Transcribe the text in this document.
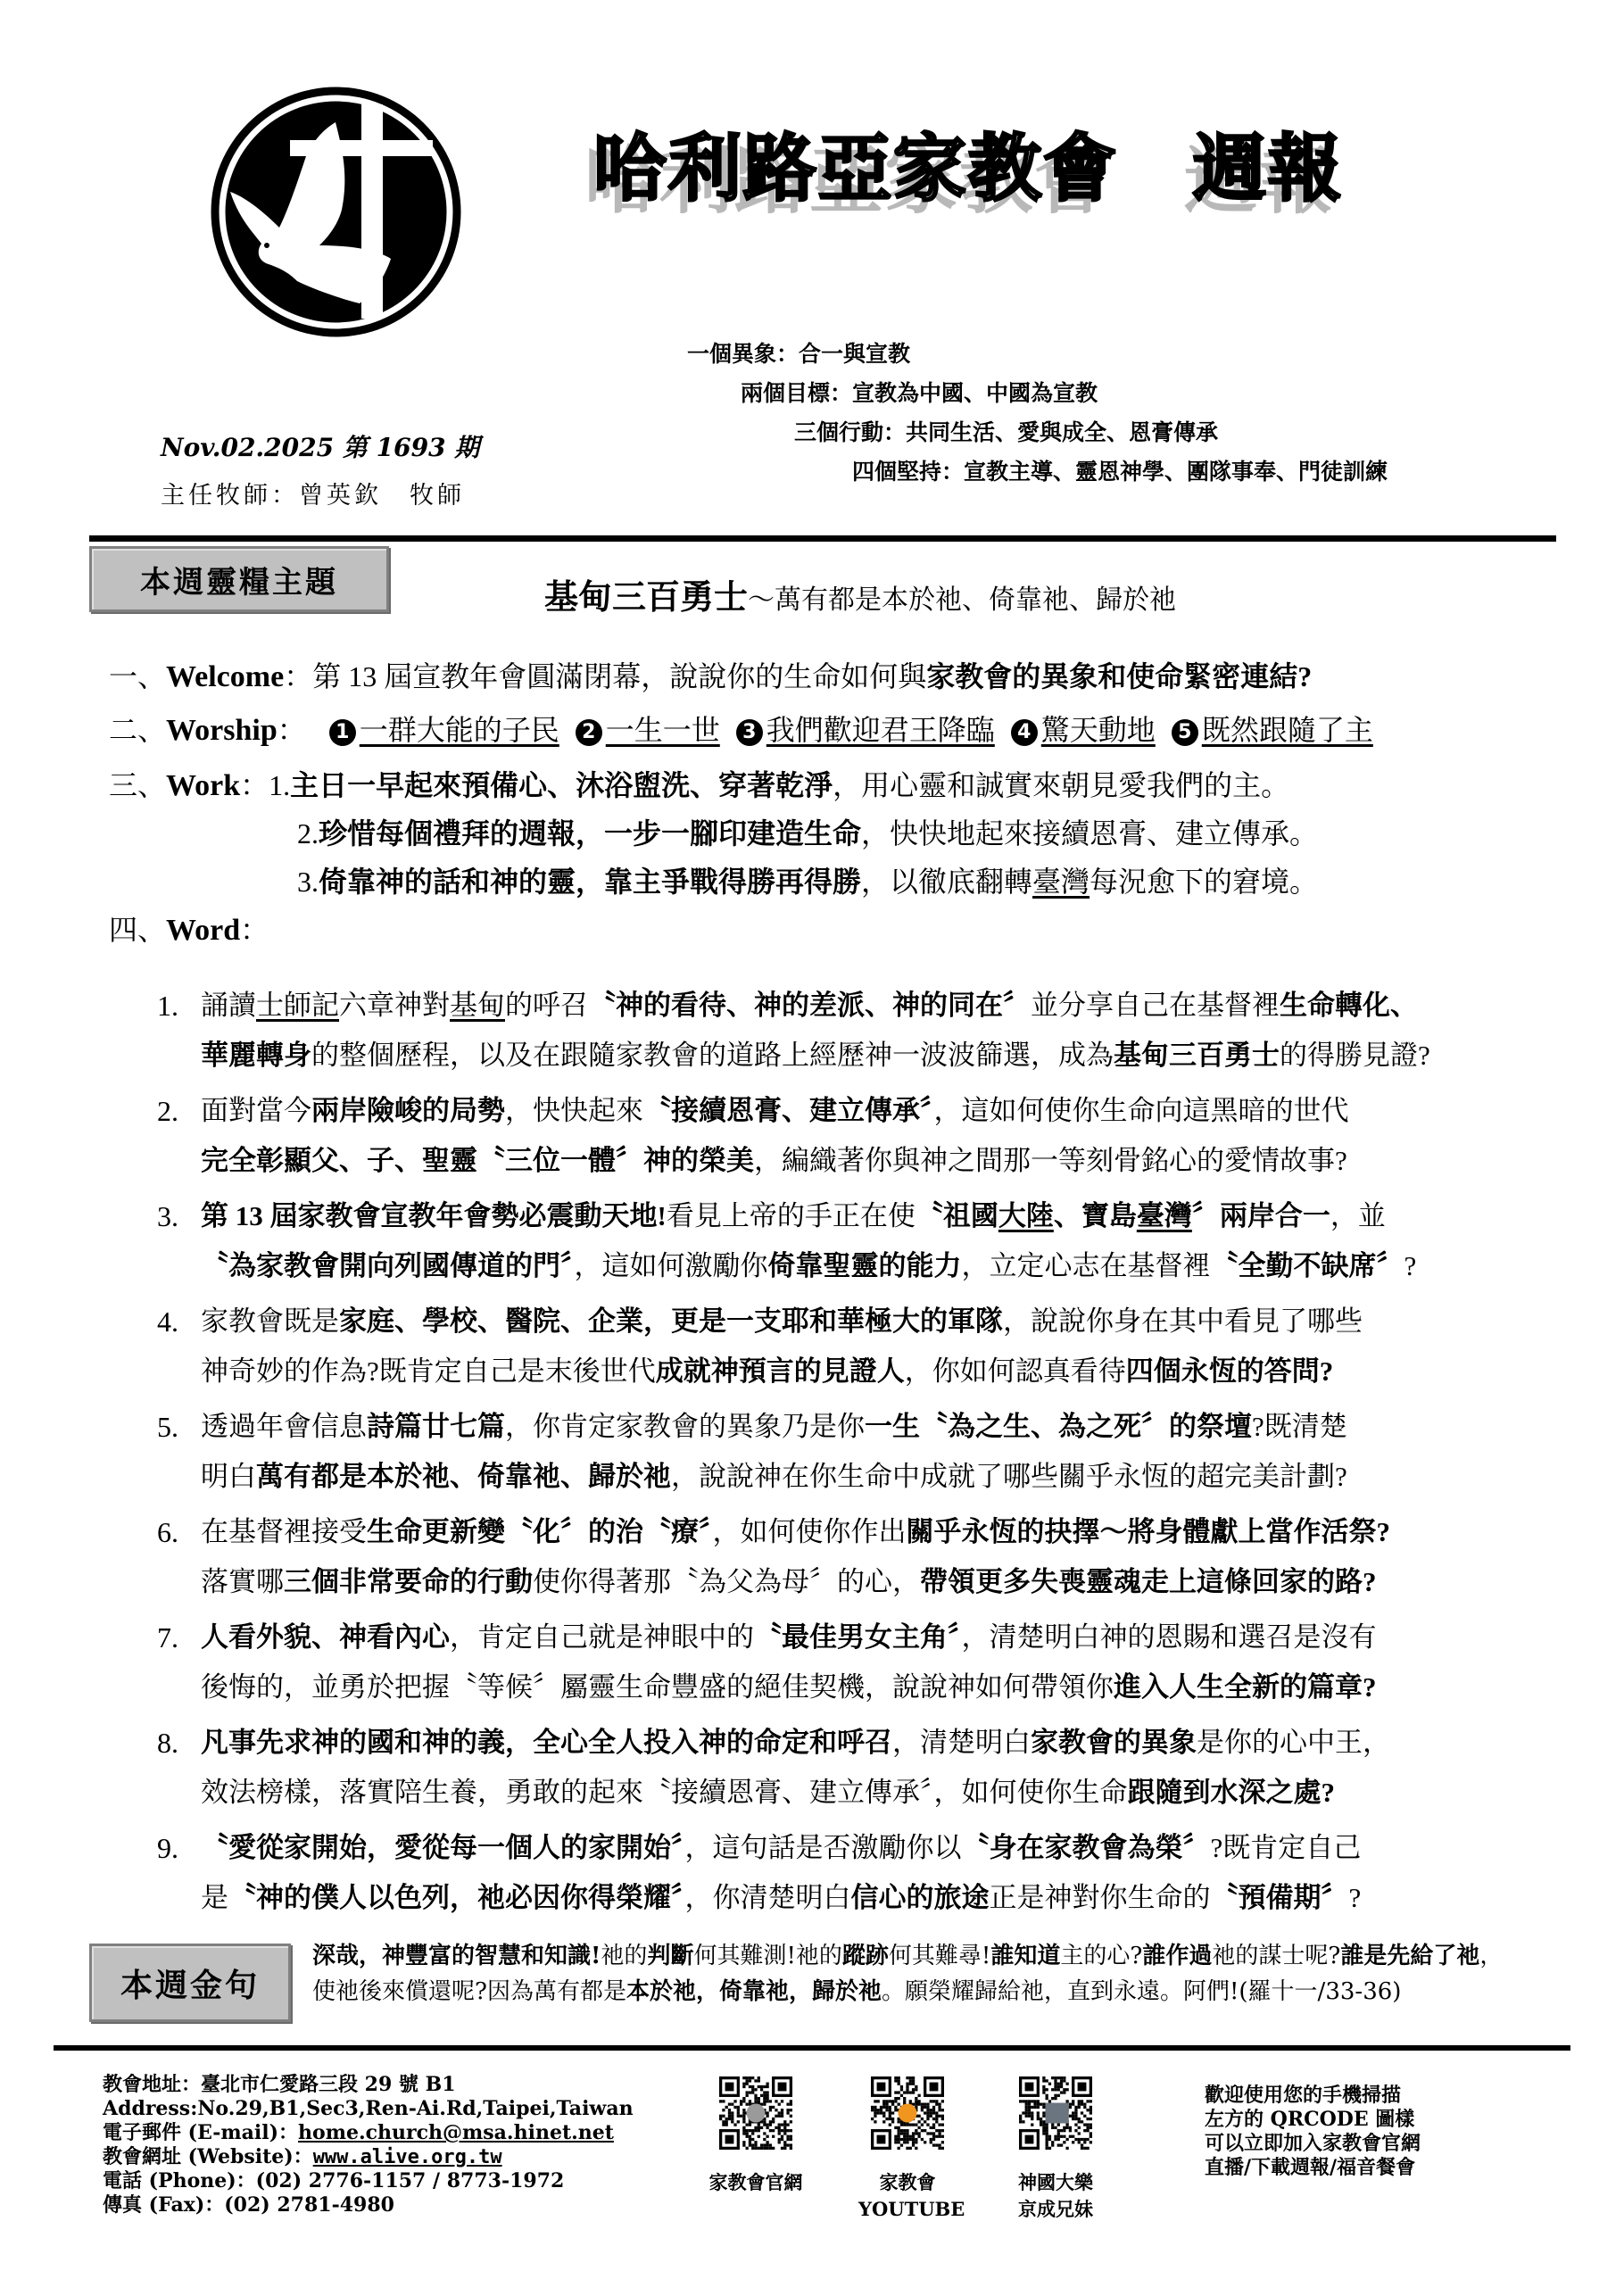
哈利路亞家教會　週報
一個異象：合一與宣教
兩個目標：宣教為中國、中國為宣教
三個行動：共同生活、愛與成全、恩膏傳承
四個堅持：宣教主導、靈恩神學、團隊事奉、門徒訓練
Nov.02.2025 第 1693 期
主任牧師：曾英欽　牧師
本週靈糧主題	基甸三百勇士～萬有都是本於祂、倚靠祂、歸於祂
一、Welcome：第 13 屆宣教年會圓滿閉幕，說說你的生命如何與家教會的異象和使命緊密連結?
二、Worship： 1 一群大能的子民 2 一生一世 3 我們歡迎君王降臨 4 驚天動地 5 既然跟隨了主
三、Work：1.主日一早起來預備心、沐浴盥洗、穿著乾淨，用心靈和誠實來朝見愛我們的主。
2.珍惜每個禮拜的週報，一步一腳印建造生命，快快地起來接續恩膏、建立傳承。
3.倚靠神的話和神的靈，靠主爭戰得勝再得勝，以徹底翻轉臺灣每況愈下的窘境。
四、Word：
1. 誦讀士師記六章神對基甸的呼召〝神的看待、神的差派、神的同在〞並分享自己在基督裡生命轉化、
華麗轉身的整個歷程，以及在跟隨家教會的道路上經歷神一波波篩選，成為基甸三百勇士的得勝見證?
2. 面對當今兩岸險峻的局勢，快快起來〝接續恩膏、建立傳承〞，這如何使你生命向這黑暗的世代
完全彰顯父、子、聖靈〝三位一體〞神的榮美，編織著你與神之間那一等刻骨銘心的愛情故事?
3. 第 13 屆家教會宣教年會勢必震動天地!看見上帝的手正在使〝祖國大陸、寶島臺灣〞兩岸合一，並
〝為家教會開向列國傳道的門〞，這如何激勵你倚靠聖靈的能力，立定心志在基督裡〝全勤不缺席〞?
4. 家教會既是家庭、學校、醫院、企業，更是一支耶和華極大的軍隊，說說你身在其中看見了哪些
神奇妙的作為?既肯定自己是末後世代成就神預言的見證人，你如何認真看待四個永恆的答問?
5. 透過年會信息詩篇廿七篇，你肯定家教會的異象乃是你一生〝為之生、為之死〞的祭壇?既清楚
明白萬有都是本於祂、倚靠祂、歸於祂，說說神在你生命中成就了哪些關乎永恆的超完美計劃?
6. 在基督裡接受生命更新變〝化〞的治〝療〞，如何使你作出關乎永恆的抉擇～將身體獻上當作活祭?
落實哪三個非常要命的行動使你得著那〝為父為母〞的心，帶領更多失喪靈魂走上這條回家的路?
7. 人看外貌、神看內心，肯定自己就是神眼中的〝最佳男女主角〞，清楚明白神的恩賜和選召是沒有
後悔的，並勇於把握〝等候〞屬靈生命豐盛的絕佳契機，說說神如何帶領你進入人生全新的篇章?
8. 凡事先求神的國和神的義，全心全人投入神的命定和呼召，清楚明白家教會的異象是你的心中王，
效法榜樣，落實陪生養，勇敢的起來〝接續恩膏、建立傳承〞，如何使你生命跟隨到水深之處?
9. 〝愛從家開始，愛從每一個人的家開始〞，這句話是否激勵你以〝身在家教會為榮〞?既肯定自己
是〝神的僕人以色列，祂必因你得榮耀〞，你清楚明白信心的旅途正是神對你生命的〝預備期〞?
本週金句
深哉，神豐富的智慧和知識!祂的判斷何其難測!祂的蹤跡何其難尋!誰知道主的心?誰作過祂的謀士呢?誰是先給了祂，使祂後來償還呢?因為萬有都是本於祂，倚靠祂，歸於祂。願榮耀歸給祂，直到永遠。阿們!(羅十一/33-36)
教會地址：臺北市仁愛路三段 29 號 B1
Address:No.29,B1,Sec3,Ren-Ai.Rd,Taipei,Taiwan
電子郵件 (E-mail)：home.church@msa.hinet.net
教會網址 (Website)：www.alive.org.tw
電話 (Phone)：(02) 2776-1157 / 8773-1972
傳真 (Fax)：(02) 2781-4980
家教會官網	家教會
YOUTUBE
神國大樂
京成兄妹
歡迎使用您的手機掃描
左方的 QRCODE 圖樣
可以立即加入家教會官網
直播/下載週報/福音餐會
